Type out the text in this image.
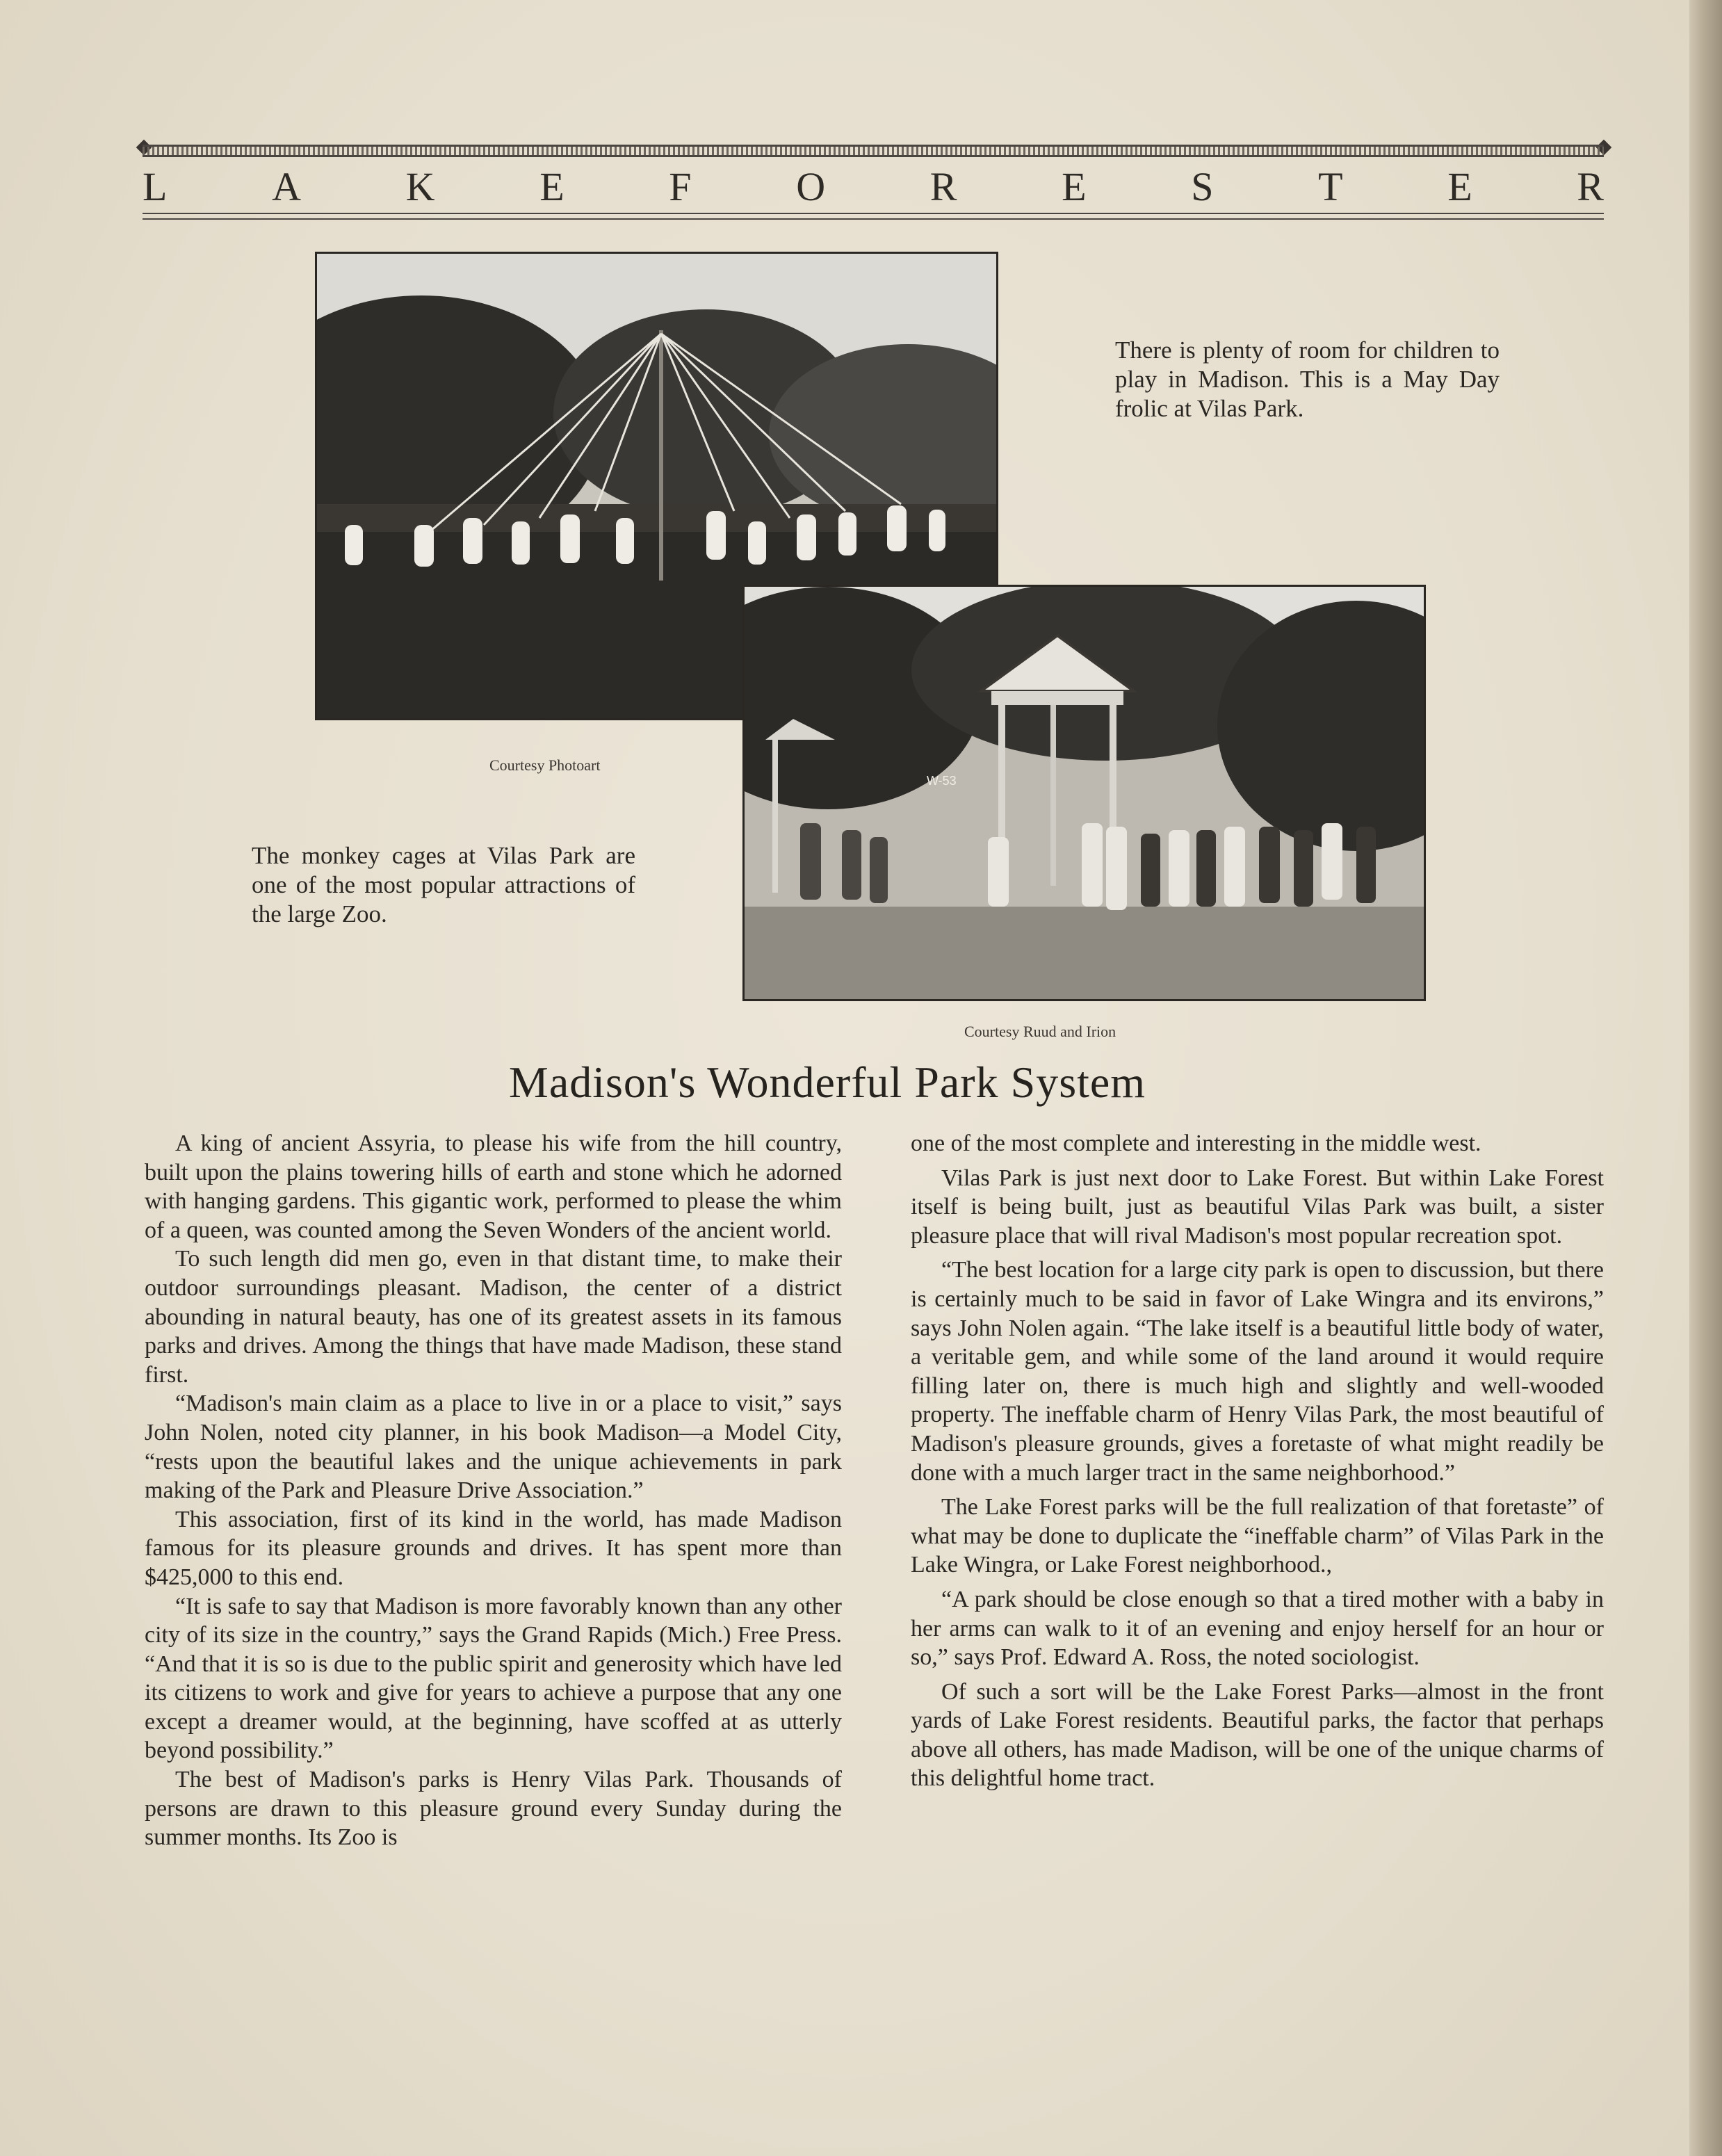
L	A	K	E	F	O	R	E	S	T	E	R
There is plenty of room for children to play in Madison. This is a May Day frolic at Vilas Park.
Courtesy Photoart
W-53
The monkey cages at Vilas Park are one of the most popular attractions of the large Zoo.
Courtesy Ruud and Irion
Madison's Wonderful Park System

A king of ancient Assyria, to please his wife from the hill country, built upon the plains towering hills of earth and stone which he adorned with hanging gardens. This gigantic work, performed to please the whim of a queen, was counted among the Seven Wonders of the ancient world.

To such length did men go, even in that distant time, to make their outdoor surroundings pleasant. Madison, the center of a district abounding in natural beauty, has one of its greatest assets in its famous parks and drives. Among the things that have made Madison, these stand first.

“Madison's main claim as a place to live in or a place to visit,” says John Nolen, noted city planner, in his book Madison—a Model City, “rests upon the beautiful lakes and the unique achievements in park making of the Park and Pleasure Drive Association.”

This association, first of its kind in the world, has made Madison famous for its pleasure grounds and drives. It has spent more than $425,000 to this end.

“It is safe to say that Madison is more favorably known than any other city of its size in the country,” says the Grand Rapids (Mich.) Free Press. “And that it is so is due to the public spirit and generosity which have led its citizens to work and give for years to achieve a purpose that any one except a dreamer would, at the beginning, have scoffed at as utterly beyond possibility.”

The best of Madison's parks is Henry Vilas Park. Thousands of persons are drawn to this pleasure ground every Sunday during the summer months. Its Zoo is

one of the most complete and interesting in the middle west.

Vilas Park is just next door to Lake Forest. But within Lake Forest itself is being built, just as beautiful Vilas Park was built, a sister pleasure place that will rival Madison's most popular recreation spot.

“The best location for a large city park is open to discussion, but there is certainly much to be said in favor of Lake Wingra and its environs,” says John Nolen again. “The lake itself is a beautiful little body of water, a veritable gem, and while some of the land around it would require filling later on, there is much high and slightly and well-wooded property. The ineffable charm of Henry Vilas Park, the most beautiful of Madison's pleasure grounds, gives a foretaste of what might readily be done with a much larger tract in the same neighborhood.”

The Lake Forest parks will be the full realization of that foretaste” of what may be done to duplicate the “ineffable charm” of Vilas Park in the Lake Wingra, or Lake Forest neighborhood.,

“A park should be close enough so that a tired mother with a baby in her arms can walk to it of an evening and enjoy herself for an hour or so,” says Prof. Edward A. Ross, the noted sociologist.

Of such a sort will be the Lake Forest Parks—almost in the front yards of Lake Forest residents. Beautiful parks, the factor that perhaps above all others, has made Madison, will be one of the unique charms of this delightful home tract.
